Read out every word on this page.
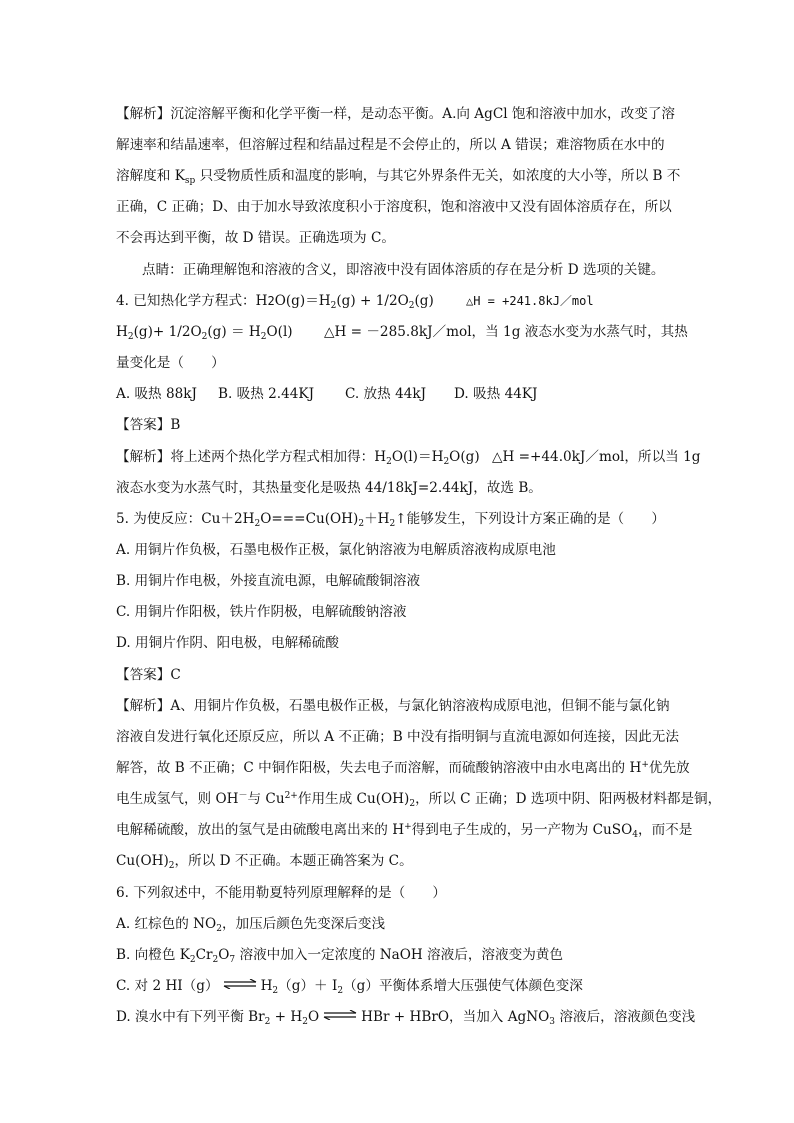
【解析】沉淀溶解平衡和化学平衡一样，是动态平衡。A.向 AgCl 饱和溶液中加水，改变了溶
解速率和结晶速率，但溶解过程和结晶过程是不会停止的，所以 A 错误；难溶物质在水中的
溶解度和 $K_{sp}$ 只受物质性质和温度的影响，与其它外界条件无关，如浓度的大小等，所以 B 不
正确，C 正确；D、由于加水导致浓度积小于溶度积，饱和溶液中又没有固体溶质存在，所以
不会再达到平衡，故 D 错误。正确选项为 C。
点睛：正确理解饱和溶液的含义，即溶液中没有固体溶质的存在是分析 D 选项的关键。
4. 已知热化学方程式：$H2O(g)=H_2(g) + 1/2O_2(g)$	△H = +241.8kJ／mol
$H_2(g)+ 1/2O_2(g) = H_2O(l)$ △H = －285.8kJ／mol，当 1g 液态水变为水蒸气时，其热
量变化是（　　）
A. 吸热 88kJ B. 吸热 2.44KJ C. 放热 44kJ D. 吸热 44KJ
【答案】B
【解析】将上述两个热化学方程式相加得：$H_2O(l)=H_2O(g)$ △H =+44.0kJ／mol，所以当 1g
液态水变为水蒸气时，其热量变化是吸热 44/18kJ=2.44kJ，故选 B。
5. 为使反应：$Cu+2H_2O===Cu(OH)_2+H_2↑$能够发生，下列设计方案正确的是（　　）
A. 用铜片作负极，石墨电极作正极，氯化钠溶液为电解质溶液构成原电池
B. 用铜片作电极，外接直流电源，电解硫酸铜溶液
C. 用铜片作阳极，铁片作阴极，电解硫酸钠溶液
D. 用铜片作阴、阳电极，电解稀硫酸
【答案】C
【解析】A、用铜片作负极，石墨电极作正极，与氯化钠溶液构成原电池，但铜不能与氯化钠
溶液自发进行氧化还原反应，所以 A 不正确；B 中没有指明铜与直流电源如何连接，因此无法
解答，故 B 不正确；C 中铜作阳极，失去电子而溶解，而硫酸钠溶液中由水电离出的 H+优先放
电生成氢气，则 OH－与 $Cu^{2+}$作用生成 $Cu(OH)_2$，所以 C 正确；D 选项中阴、阳两极材料都是铜，
电解稀硫酸，放出的氢气是由硫酸电离出来的 H+得到电子生成的，另一产物为 CuSO$_4$，而不是
$Cu(OH)_2$，所以 D 不正确。本题正确答案为 C。
6. 下列叙述中，不能用勒夏特列原理解释的是（　　）
A. 红棕色的 $NO_2$，加压后颜色先变深后变浅
B. 向橙色 $K_2Cr_2O_7$ 溶液中加入一定浓度的 NaOH 溶液后，溶液变为黄色
C. 对 2 HI（g） ⇌ $H_2(g)+ I_2(g)$平衡体系增大压强使气体颜色变深
D. 溴水中有下列平衡 $Br_2 + H_2O$ ⇌ HBr + HBrO，当加入 AgNO$_3$ 溶液后，溶液颜色变浅
